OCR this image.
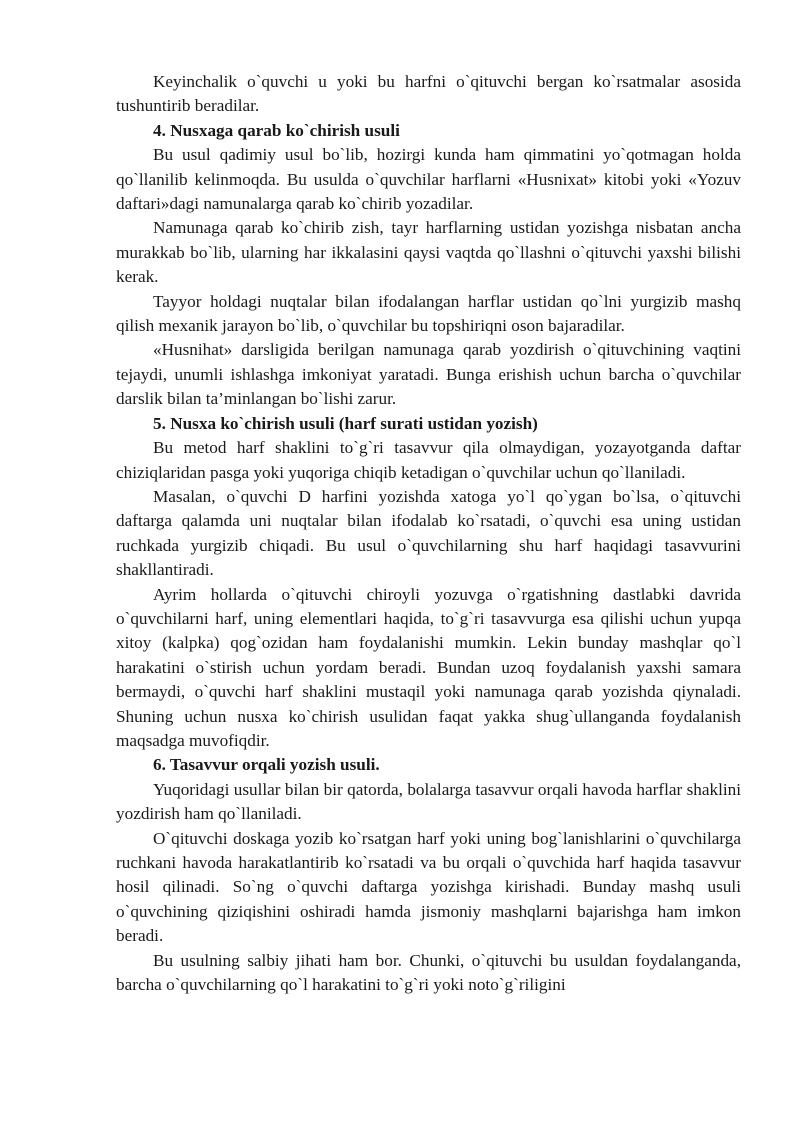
Keyinchalik o`quvchi u yoki bu harfni o`qituvchi bergan ko`rsatmalar asosida tushuntirib beradilar.

4. Nusxaga qarab ko`chirish usuli

Bu usul qadimiy usul bo`lib, hozirgi kunda ham qimmatini yo`qotmagan holda qo`llanilib kelinmoqda. Bu usulda o`quvchilar harflarni «Husnixat» kitobi yoki «Yozuv daftari»dagi namunalarga qarab ko`chirib yozadilar.

Namunaga qarab ko`chirib zish, tayr harflarning ustidan yozishga nisbatan ancha murakkab bo`lib, ularning har ikkalasini qaysi vaqtda qo`llashni o`qituvchi yaxshi bilishi kerak.

Tayyor holdagi nuqtalar bilan ifodalangan harflar ustidan qo`lni yurgizib mashq qilish mexanik jarayon bo`lib, o`quvchilar bu topshiriqni oson bajaradilar.

«Husnihat» darsligida berilgan namunaga qarab yozdirish o`qituvchining vaqtini tejaydi, unumli ishlashga imkoniyat yaratadi. Bunga erishish uchun barcha o`quvchilar darslik bilan ta’minlangan bo`lishi zarur.

5. Nusxa ko`chirish usuli (harf surati ustidan yozish)

Bu metod harf shaklini to`g`ri tasavvur qila olmaydigan, yozayotganda daftar chiziqlaridan pasga yoki yuqoriga chiqib ketadigan o`quvchilar uchun qo`llaniladi.

Masalan, o`quvchi D harfini yozishda xatoga yo`l qo`ygan bo`lsa, o`qituvchi daftarga qalamda uni nuqtalar bilan ifodalab ko`rsatadi, o`quvchi esa uning ustidan ruchkada yurgizib chiqadi. Bu usul o`quvchilarning shu harf haqidagi tasavvurini shakllantiradi.

Ayrim hollarda o`qituvchi chiroyli yozuvga o`rgatishning dastlabki davrida o`quvchilarni harf, uning elementlari haqida, to`g`ri tasavvurga esa qilishi uchun yupqa xitoy (kalpka) qog`ozidan ham foydalanishi mumkin. Lekin bunday mashqlar qo`l harakatini o`stirish uchun yordam beradi. Bundan uzoq foydalanish yaxshi samara bermaydi, o`quvchi harf shaklini mustaqil yoki namunaga qarab yozishda qiynaladi. Shuning uchun nusxa ko`chirish usulidan faqat yakka shug`ullanganda foydalanish maqsadga muvofiqdir.

6. Tasavvur orqali yozish usuli.

Yuqoridagi usullar bilan bir qatorda, bolalarga tasavvur orqali havoda harflar shaklini yozdirish ham qo`llaniladi.

O`qituvchi doskaga yozib ko`rsatgan harf yoki uning bog`lanishlarini o`quvchilarga ruchkani havoda harakatlantirib ko`rsatadi va bu orqali o`quvchida harf haqida tasavvur hosil qilinadi. So`ng o`quvchi daftarga yozishga kirishadi. Bunday mashq usuli o`quvchining qiziqishini oshiradi hamda jismoniy mashqlarni bajarishga ham imkon beradi.

Bu usulning salbiy jihati ham bor. Chunki, o`qituvchi bu usuldan foydalanganda, barcha o`quvchilarning qo`l harakatini to`g`ri yoki noto`g`riligini
